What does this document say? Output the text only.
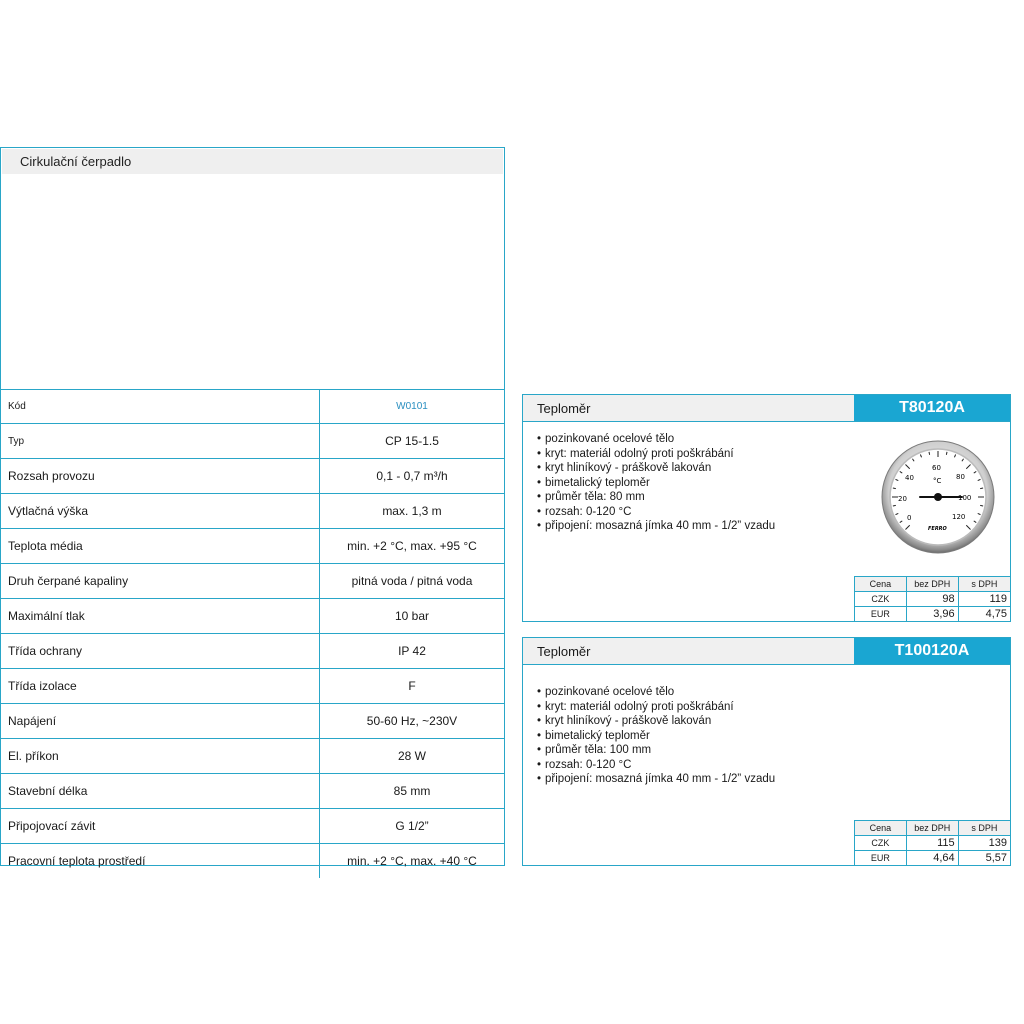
Cirkulační čerpadlo
Kód	W0101
Typ	CP 15-1.5
Rozsah provozu	0,1 - 0,7 m³/h
Výtlačná výška	max. 1,3 m
Teplota média	min. +2 °C, max. +95 °C
Druh čerpané kapaliny	pitná voda / pitná voda
Maximální tlak	10 bar
Třída ochrany	IP 42
Třída izolace	F
Napájení	50-60 Hz, ~230V
El. příkon	28 W
Stavební délka	85 mm
Připojovací závit	G 1/2”
Pracovní teplota prostředí	min. +2 °C, max. +40 °C
Teploměr	T80120A
• pozinkované ocelové tělo
• kryt: materiál odolný proti poškrábání
• kryt hliníkový - práškově lakován
• bimetalický teploměr
• průměr těla: 80 mm
• rozsah: 0-120 °C
• připojení: mosazná jímka 40 mm - 1/2” vzadu
0
20
40
60
80
100
120
°C
FERRO
Cena	bez DPH	s DPH
CZK	98	119
EUR	3,96	4,75
Teploměr	T100120A
• pozinkované ocelové tělo
• kryt: materiál odolný proti poškrábání
• kryt hliníkový - práškově lakován
• bimetalický teploměr
• průměr těla: 100 mm
• rozsah: 0-120 °C
• připojení: mosazná jímka 40 mm - 1/2” vzadu
Cena	bez DPH	s DPH
CZK	115	139
EUR	4,64	5,57
